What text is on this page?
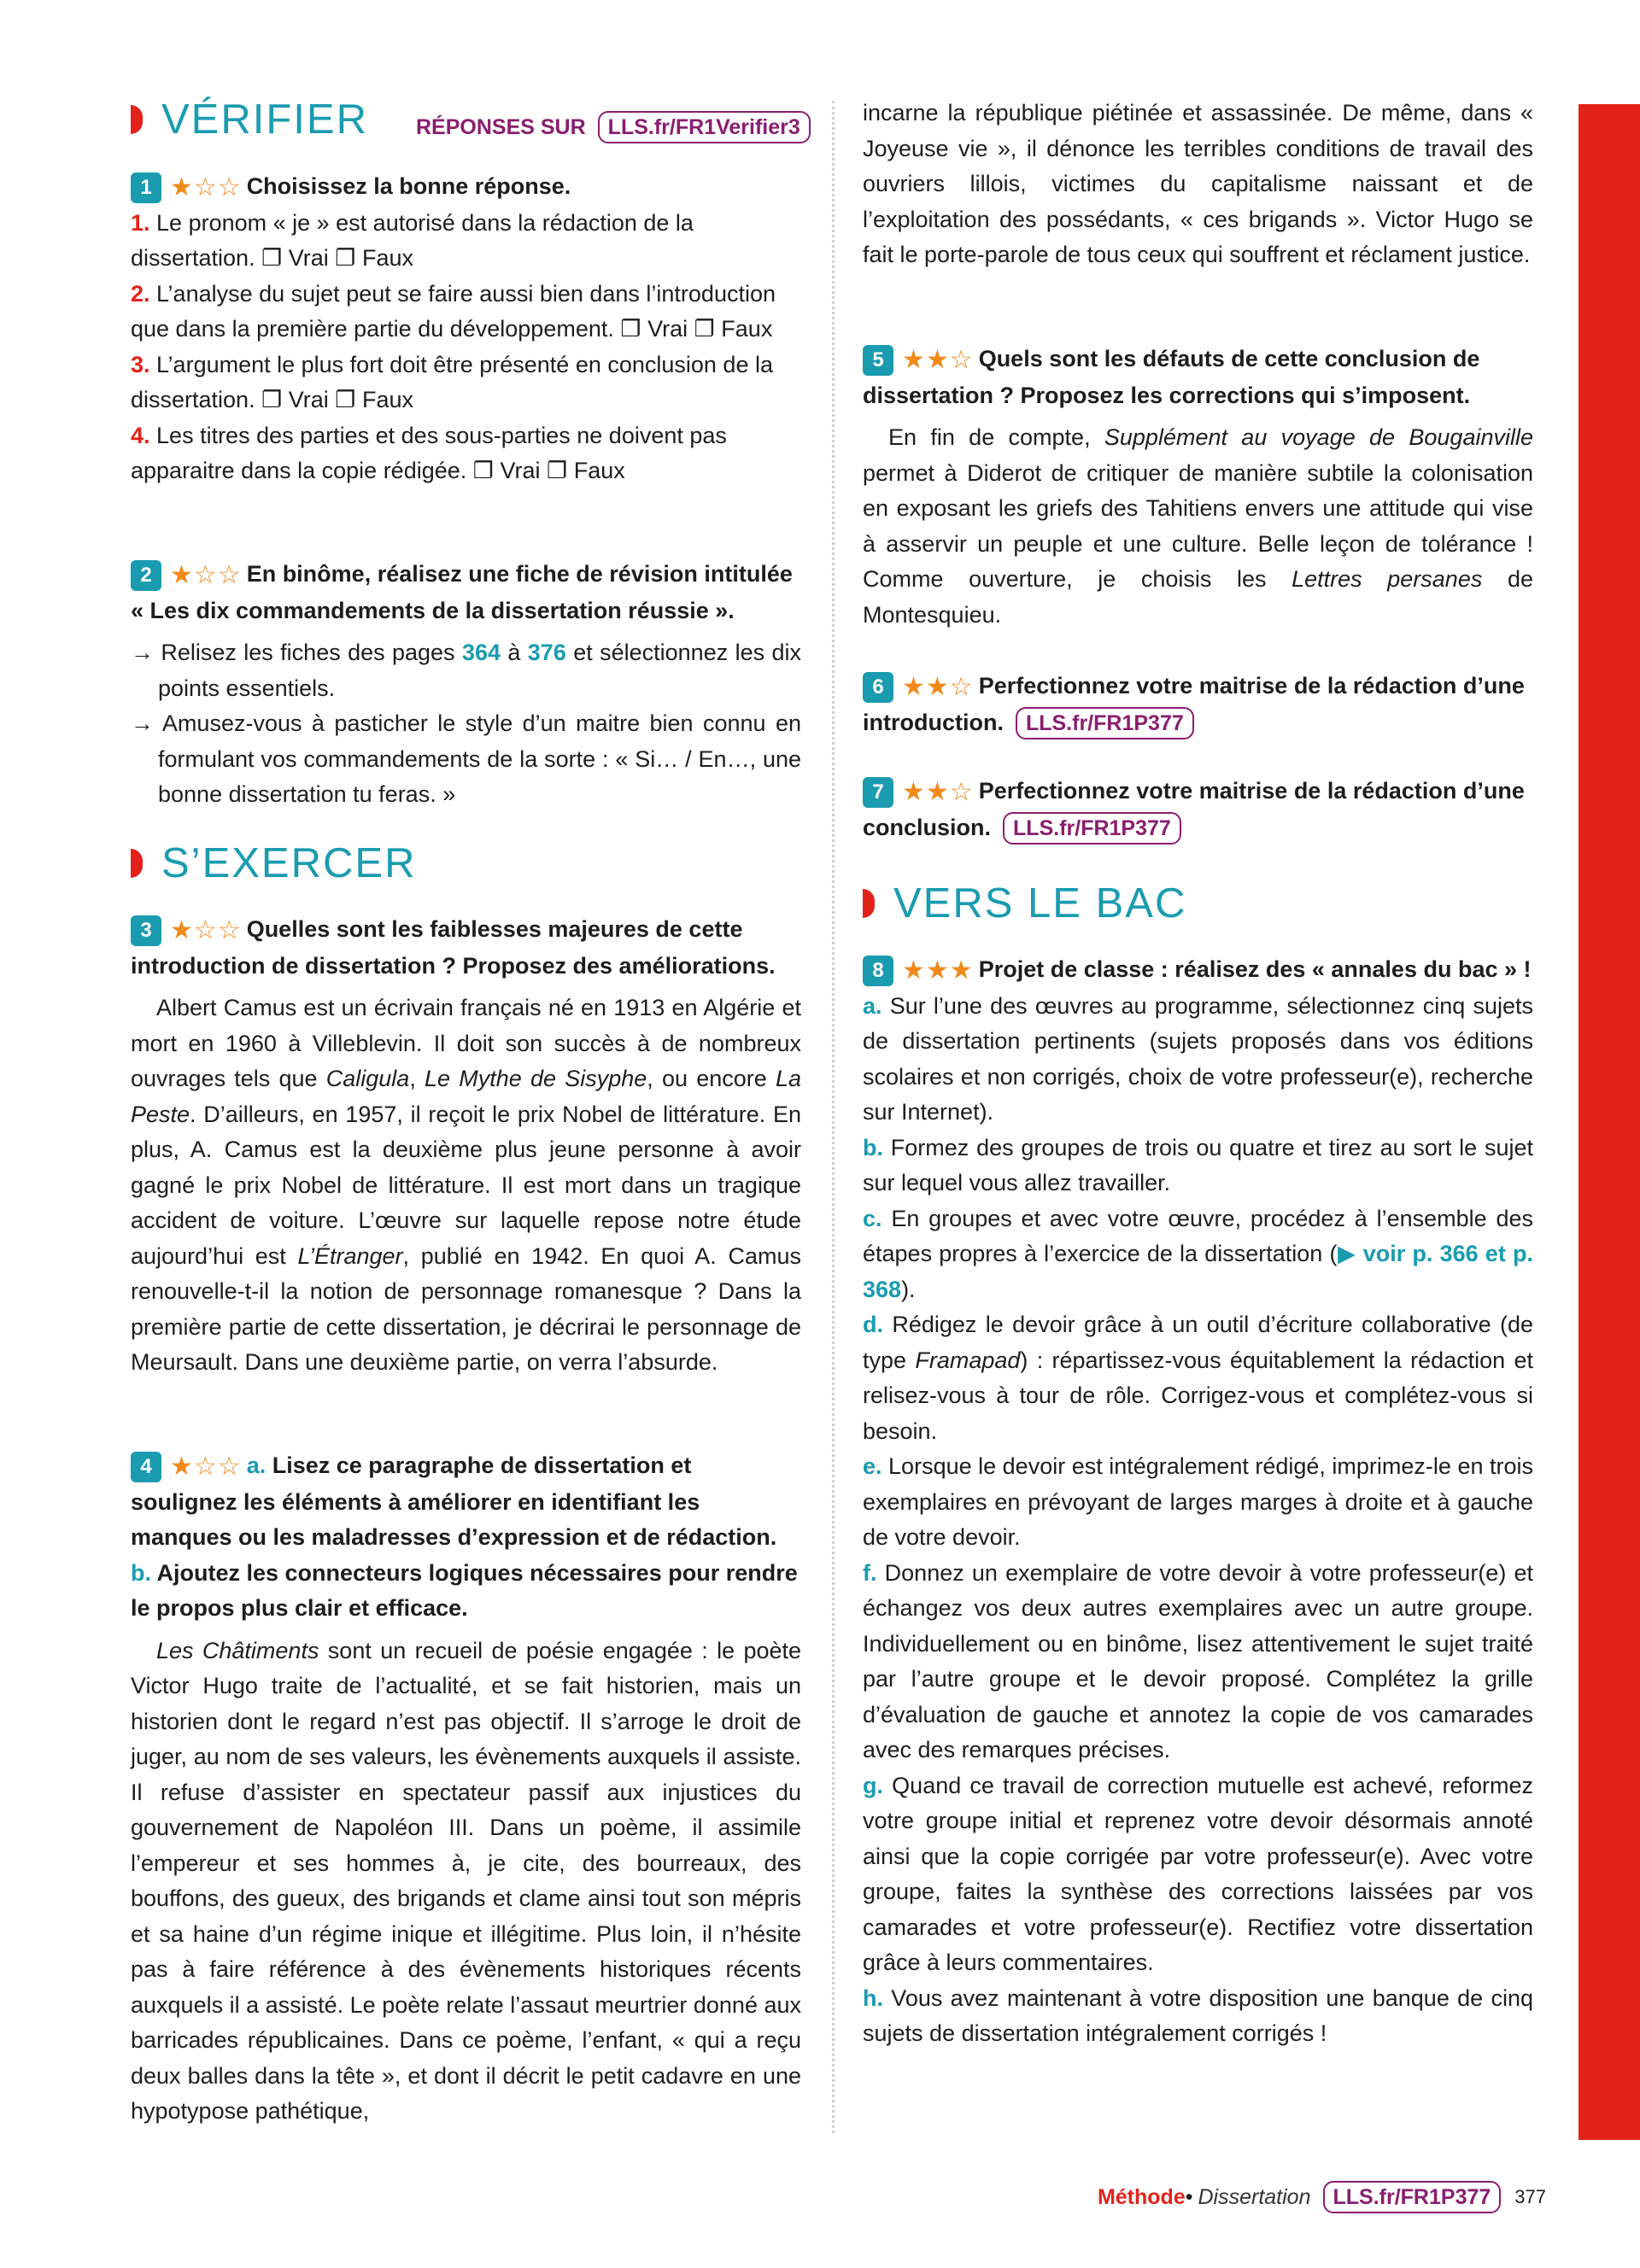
VÉRIFIER RÉPONSES SUR	LLS.fr/FR1Verifier3
1 ★☆☆ Choisissez la bonne réponse.
1. Le pronom « je » est autorisé dans la rédaction de la dissertation. ❐ Vrai ❐ Faux
2. L’analyse du sujet peut se faire aussi bien dans l’introduction que dans la première partie du développement. ❐ Vrai ❐ Faux
3. L’argument le plus fort doit être présenté en conclusion de la dissertation. ❐ Vrai ❐ Faux
4. Les titres des parties et des sous-parties ne doivent pas apparaitre dans la copie rédigée. ❐ Vrai ❐ Faux
2 ★☆☆ En binôme, réalisez une fiche de révision intitulée « Les dix commandements de la dissertation réussie ».
→ Relisez les fiches des pages 364 à 376 et sélectionnez les dix points essentiels.
→ Amusez-vous à pasticher le style d’un maitre bien connu en formulant vos commandements de la sorte : « Si… / En…, une bonne dissertation tu feras. »
S’EXERCER
3 ★☆☆ Quelles sont les faiblesses majeures de cette introduction de dissertation ? Proposez des améliorations.
Albert Camus est un écrivain français né en 1913 en Algérie et mort en 1960 à Villeblevin. Il doit son succès à de nombreux ouvrages tels que Caligula, Le Mythe de Sisyphe, ou encore La Peste. D’ailleurs, en 1957, il reçoit le prix Nobel de littérature. En plus, A. Camus est la deuxième plus jeune personne à avoir gagné le prix Nobel de littérature. Il est mort dans un tragique accident de voiture. L’œuvre sur laquelle repose notre étude aujourd’hui est L’Étranger, publié en 1942. En quoi A. Camus renouvelle-t-il la notion de personnage romanesque ? Dans la première partie de cette dissertation, je décrirai le personnage de Meursault. Dans une deuxième partie, on verra l’absurde.
4 ★☆☆ a. Lisez ce paragraphe de dissertation et soulignez les éléments à améliorer en identifiant les manques ou les maladresses d’expression et de rédaction.
b. Ajoutez les connecteurs logiques nécessaires pour rendre le propos plus clair et efficace.
Les Châtiments sont un recueil de poésie engagée : le poète Victor Hugo traite de l’actualité, et se fait historien, mais un historien dont le regard n’est pas objectif. Il s’arroge le droit de juger, au nom de ses valeurs, les évènements auxquels il assiste. Il refuse d’assister en spectateur passif aux injustices du gouvernement de Napoléon III. Dans un poème, il assimile l’empereur et ses hommes à, je cite, des bourreaux, des bouffons, des gueux, des brigands et clame ainsi tout son mépris et sa haine d’un régime inique et illégitime. Plus loin, il n’hésite pas à faire référence à des évènements historiques récents auxquels il a assisté. Le poète relate l’assaut meurtrier donné aux barricades républicaines. Dans ce poème, l’enfant, « qui a reçu deux balles dans la tête », et dont il décrit le petit cadavre en une hypotypose pathétique,
incarne la république piétinée et assassinée. De même, dans « Joyeuse vie », il dénonce les terribles conditions de travail des ouvriers lillois, victimes du capitalisme naissant et de l’exploitation des possédants, « ces brigands ». Victor Hugo se fait le porte-parole de tous ceux qui souffrent et réclament justice.
5 ★★☆ Quels sont les défauts de cette conclusion de dissertation ? Proposez les corrections qui s’imposent.
En fin de compte, Supplément au voyage de Bougainville permet à Diderot de critiquer de manière subtile la colonisation en exposant les griefs des Tahitiens envers une attitude qui vise à asservir un peuple et une culture. Belle leçon de tolérance ! Comme ouverture, je choisis les Lettres persanes de Montesquieu.
6 ★★☆ Perfectionnez votre maitrise de la rédaction d’une introduction. LLS.fr/FR1P377
7 ★★☆ Perfectionnez votre maitrise de la rédaction d’une conclusion. LLS.fr/FR1P377
VERS LE BAC
8 ★★★ Projet de classe : réalisez des « annales du bac » !
a. Sur l’une des œuvres au programme, sélectionnez cinq sujets de dissertation pertinents (sujets proposés dans vos éditions scolaires et non corrigés, choix de votre professeur(e), recherche sur Internet).
b. Formez des groupes de trois ou quatre et tirez au sort le sujet sur lequel vous allez travailler.
c. En groupes et avec votre œuvre, procédez à l’ensemble des étapes propres à l’exercice de la dissertation (▶ voir p. 366 et p. 368).
d. Rédigez le devoir grâce à un outil d’écriture collaborative (de type Framapad) : répartissez-vous équitablement la rédaction et relisez-vous à tour de rôle. Corrigez-vous et complétez-vous si besoin.
e. Lorsque le devoir est intégralement rédigé, imprimez-le en trois exemplaires en prévoyant de larges marges à droite et à gauche de votre devoir.
f. Donnez un exemplaire de votre devoir à votre professeur(e) et échangez vos deux autres exemplaires avec un autre groupe. Individuellement ou en binôme, lisez attentivement le sujet traité par l’autre groupe et le devoir proposé. Complétez la grille d’évaluation de gauche et annotez la copie de vos camarades avec des remarques précises.
g. Quand ce travail de correction mutuelle est achevé, reformez votre groupe initial et reprenez votre devoir désormais annoté ainsi que la copie corrigée par votre professeur(e). Avec votre groupe, faites la synthèse des corrections laissées par vos camarades et votre professeur(e). Rectifiez votre dissertation grâce à leurs commentaires.
h. Vous avez maintenant à votre disposition une banque de cinq sujets de dissertation intégralement corrigés !
Méthode • Dissertation	LLS.fr/FR1P377	377
